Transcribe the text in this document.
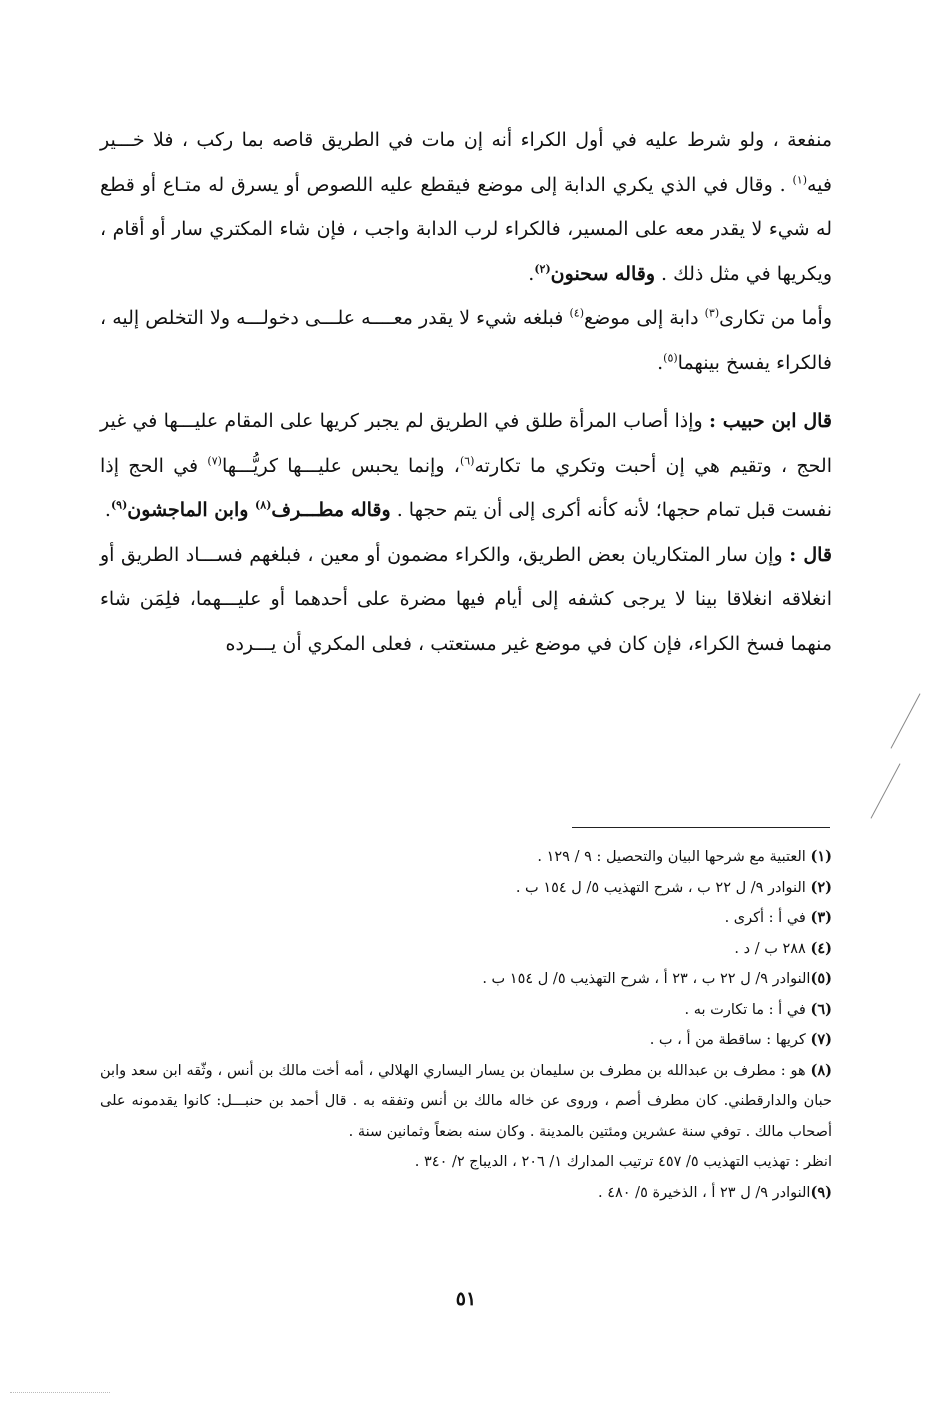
منفعة ، ولو شرط عليه في أول الكراء أنه إن مات في الطريق قاصه بما ركب ، فلا خـــير فيه$^{(١)}$ . وقال في الذي يكري الدابة إلى موضع فيقطع عليه اللصوص أو يسرق له متـاع أو قطع له شيء لا يقدر معه على المسير، فالكراء لرب الدابة واجب ، فإن شاء المكتري سار أو أقام ، ويكريها في مثل ذلك . وقاله سحنون$^{(٢)}$.

وأما من تكارى$^{(٣)}$ دابة إلى موضع$^{(٤)}$ فبلغه شيء لا يقدر معــــه علـــى دخولـــه ولا التخلص إليه ، فالكراء يفسخ بينهما$^{(٥)}$.

قال ابن حبيب : وإذا أصاب المرأة طلق في الطريق لم يجبر كريها على المقام عليـــها في غير الحج ، وتقيم هي إن أحبت وتكري ما تكارته$^{(٦)}$، وإنما يحبس عليـــها كريُّـــها$^{(٧)}$ في الحج إذا نفست قبل تمام حجها؛ لأنه كأنه أكرى إلى أن يتم حجها . وقاله مطـــرف$^{(٨)}$ وابن الماجشون$^{(٩)}$.

قال : وإن سار المتكاريان بعض الطريق، والكراء مضمون أو معين ، فبلغهم فســـاد الطريق أو انغلاقه انغلاقا بينا لا يرجى كشفه إلى أيام فيها مضرة على أحدهما أو عليـــهما، فلِمَن شاء منهما فسخ الكراء، فإن كان في موضع غير مستعتب ، فعلى المكري أن يـــرده

(١) العتبية مع شرحها البيان والتحصيل : ٩ / ١٢٩ .

(٢) النوادر ٩/ ل ٢٢ ب ، شرح التهذيب ٥/ ل ١٥٤ ب .

(٣) في أ : أكرى .

(٤) ٢٨٨ ب / د .

(٥)النوادر ٩/ ل ٢٢ ب ، ٢٣ أ ، شرح التهذيب ٥/ ل ١٥٤ ب .

(٦) في أ : ما تكارت به .

(٧) كريها : ساقطة من أ ، ب .

(٨) هو : مطرف بن عبدالله بن مطرف بن سليمان بن يسار اليساري الهلالي ، أمه أخت مالك بن أنس ، وثّقه ابن سعد وابن حبان والدارقطني. كان مطرف أصم ، وروى عن خاله مالك بن أنس وتفقه به . قال أحمد بن حنبـــل: كانوا يقدمونه على أصحاب مالك . توفي سنة عشرين ومئتين بالمدينة . وكان سنه بضعاً وثمانين سنة .

انظر : تهذيب التهذيب ٥/ ٤٥٧ ترتيب المدارك ١/ ٢٠٦ ، الديباج ٢/ ٣٤٠ .

(٩)النوادر ٩/ ل ٢٣ أ ، الذخيرة ٥/ ٤٨٠ .

٥١
